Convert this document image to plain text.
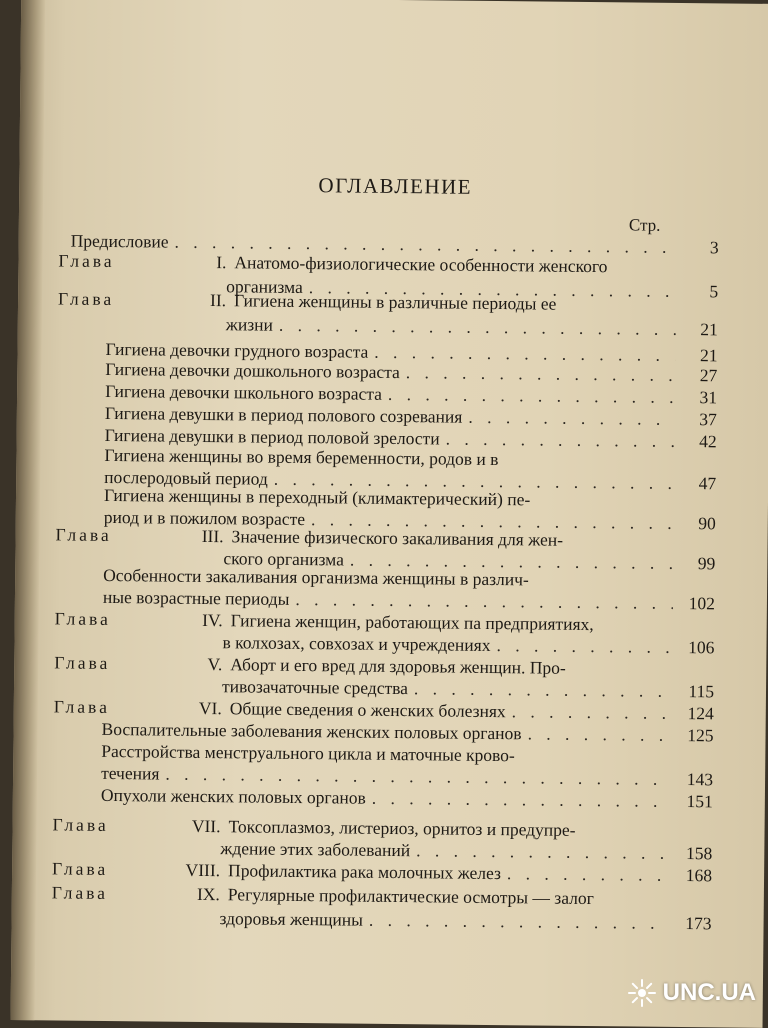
ОГЛАВЛЕНИЕ
Стр.
Предисловие . . .	3
Глава	I. Анатомо-физиологические особенности женского
организма . . .	5
Глава	II. Гигиена женщины в различные периоды ее
жизни . . .	21
Гигиена девочки грудного возраста . . .	21
Гигиена девочки дошкольного возраста . . .	27
Гигиена девочки школьного возраста . . .	31
Гигиена девушки в период полового созревания . . .	37
Гигиена девушки в период половой зрелости . . .	42
Гигиена женщины во время беременности, родов и в
послеродовый период . . .	47
Гигиена женщины в переходный (климактерический) пе-
риод и в пожилом возрасте . . .	90
Глава	III. Значение физического закаливания для жен-
ского организма . . .	99
Особенности закаливания организма женщины в различ-
ные возрастные периоды . . .	102
Глава	IV. Гигиена женщин, работающих па предприятиях,
в колхозах, совхозах и учреждениях . . .	106
Глава	V. Аборт и его вред для здоровья женщин. Про-
тивозачаточные средства . . .	115
Глава	VI. Общие сведения о женских болезнях . . .	124
Воспалительные заболевания женских половых органов . . .	125
Расстройства менструального цикла и маточные крово-
течения . . .	143
Опухоли женских половых органов . . .	151
Глава	VII. Токсоплазмоз, листериоз, орнитоз и предупре-
ждение этих заболеваний . . .	158
Глава	VIII. Профилактика рака молочных желез . . .	168
Глава	IX. Регулярные профилактические осмотры — залог
здоровья женщины . . .	173
UNC.UA
